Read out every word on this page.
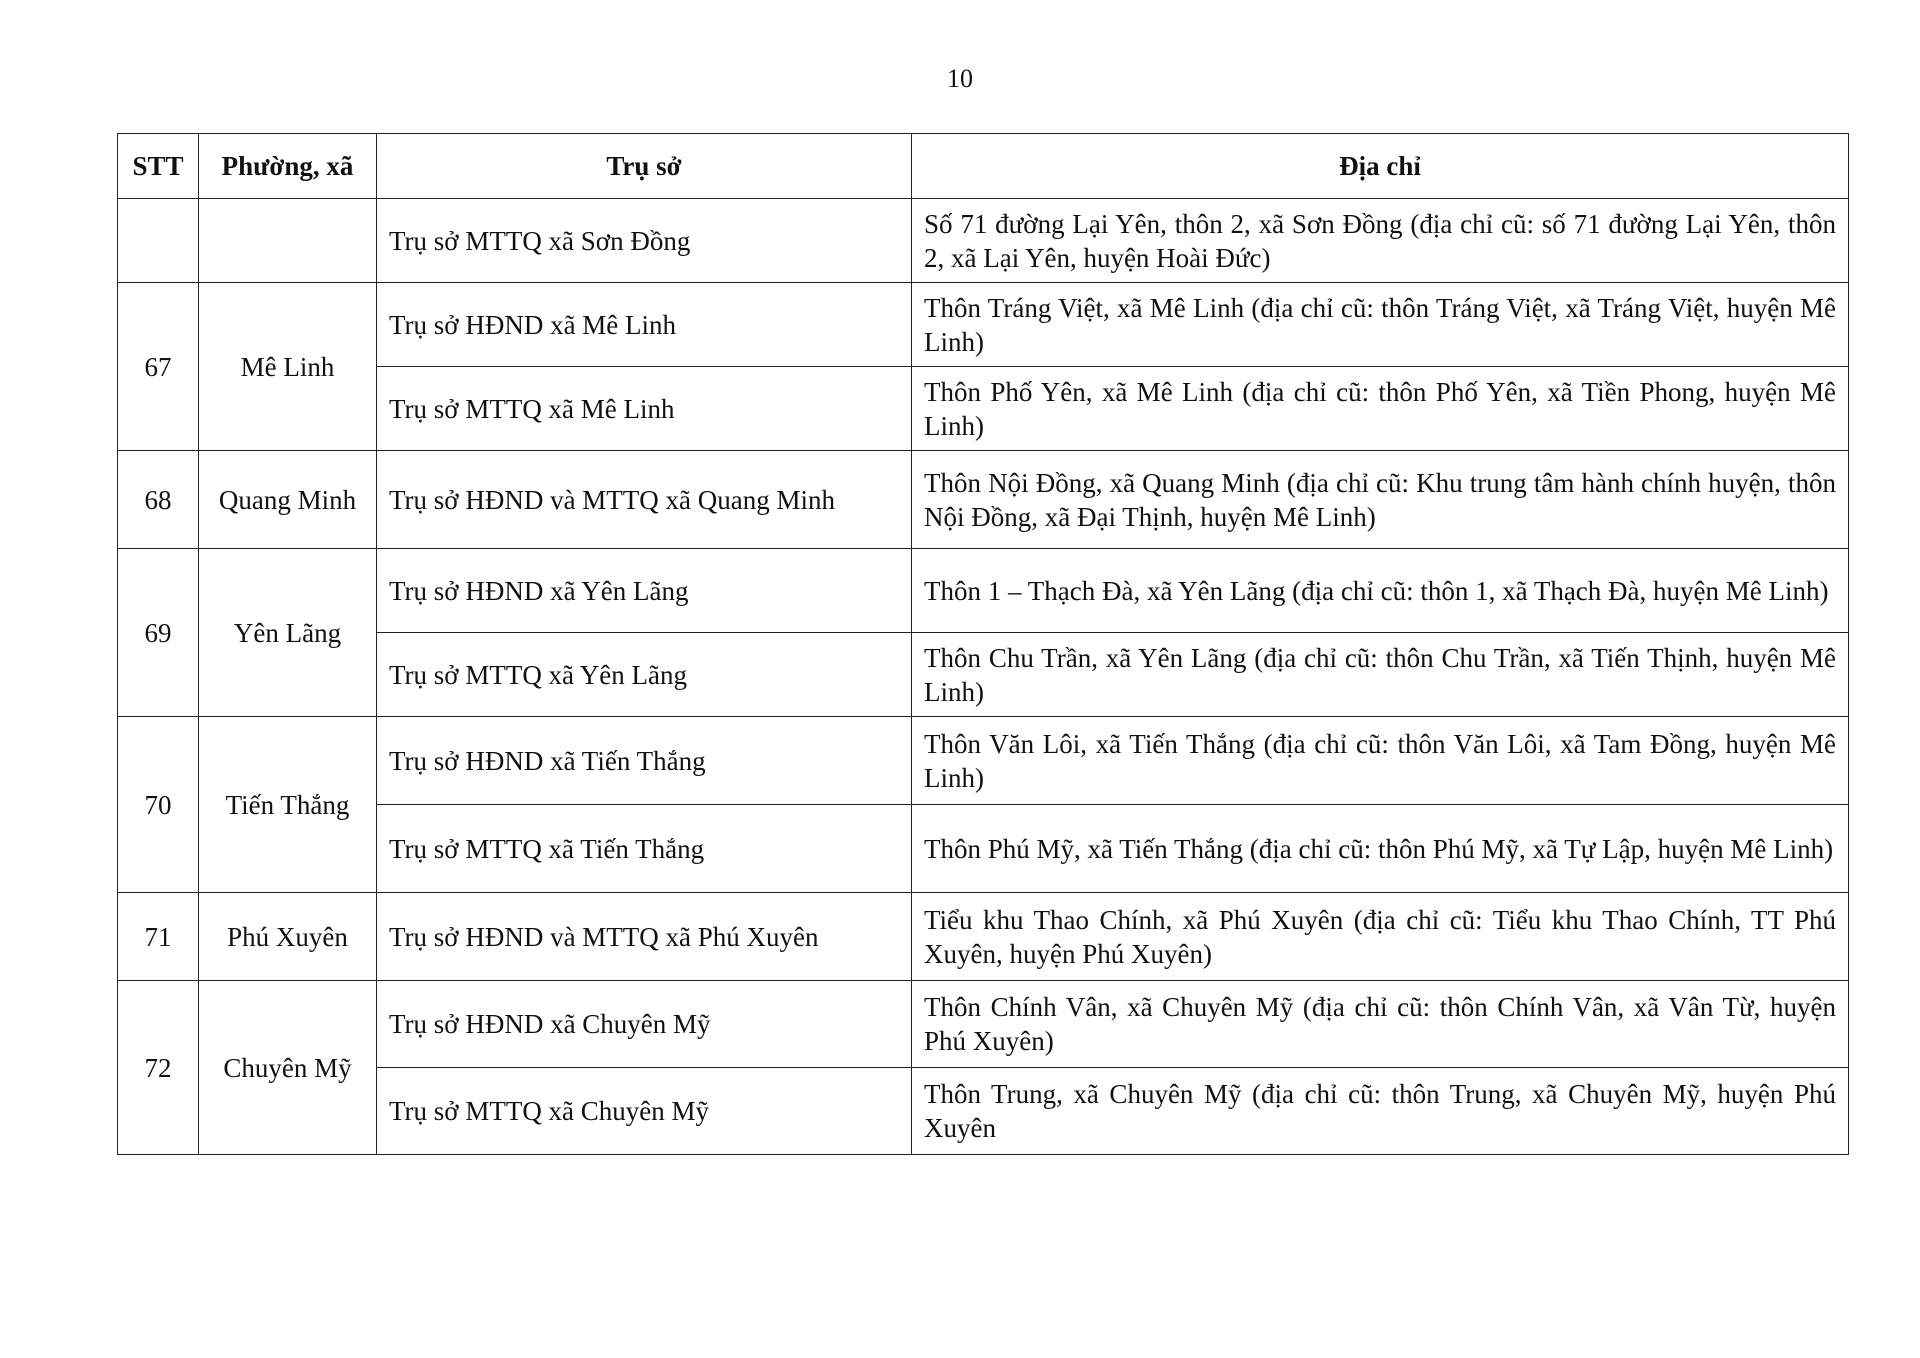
10
STT	Phường, xã	Trụ sở	Địa chỉ
		Trụ sở MTTQ xã Sơn Đồng	Số 71 đường Lại Yên, thôn 2, xã Sơn Đồng (địa chỉ cũ: số 71 đường Lại Yên, thôn 2, xã Lại Yên, huyện Hoài Đức)
67	Mê Linh	Trụ sở HĐND xã Mê Linh	Thôn Tráng Việt, xã Mê Linh (địa chỉ cũ: thôn Tráng Việt, xã Tráng Việt, huyện Mê Linh)
		Trụ sở MTTQ xã Mê Linh	Thôn Phố Yên, xã Mê Linh (địa chỉ cũ: thôn Phố Yên, xã Tiền Phong, huyện Mê Linh)
68	Quang Minh	Trụ sở HĐND và MTTQ xã Quang Minh	Thôn Nội Đồng, xã Quang Minh (địa chỉ cũ: Khu trung tâm hành chính huyện, thôn Nội Đồng, xã Đại Thịnh, huyện Mê Linh)
69	Yên Lãng	Trụ sở HĐND xã Yên Lãng	Thôn 1 – Thạch Đà, xã Yên Lãng (địa chỉ cũ: thôn 1, xã Thạch Đà, huyện Mê Linh)
		Trụ sở MTTQ xã Yên Lãng	Thôn Chu Trần, xã Yên Lãng (địa chỉ cũ: thôn Chu Trần, xã Tiến Thịnh, huyện Mê Linh)
70	Tiến Thắng	Trụ sở HĐND xã Tiến Thắng	Thôn Văn Lôi, xã Tiến Thắng (địa chỉ cũ: thôn Văn Lôi, xã Tam Đồng, huyện Mê Linh)
		Trụ sở MTTQ xã Tiến Thắng	Thôn Phú Mỹ, xã Tiến Thắng (địa chỉ cũ: thôn Phú Mỹ, xã Tự Lập, huyện Mê Linh)
71	Phú Xuyên	Trụ sở HĐND và MTTQ xã Phú Xuyên	Tiểu khu Thao Chính, xã Phú Xuyên (địa chỉ cũ: Tiểu khu Thao Chính, TT Phú Xuyên, huyện Phú Xuyên)
72	Chuyên Mỹ	Trụ sở HĐND xã Chuyên Mỹ	Thôn Chính Vân, xã Chuyên Mỹ (địa chỉ cũ: thôn Chính Vân, xã Vân Từ, huyện Phú Xuyên)
		Trụ sở MTTQ xã Chuyên Mỹ	Thôn Trung, xã Chuyên Mỹ (địa chỉ cũ: thôn Trung, xã Chuyên Mỹ, huyện Phú Xuyên
